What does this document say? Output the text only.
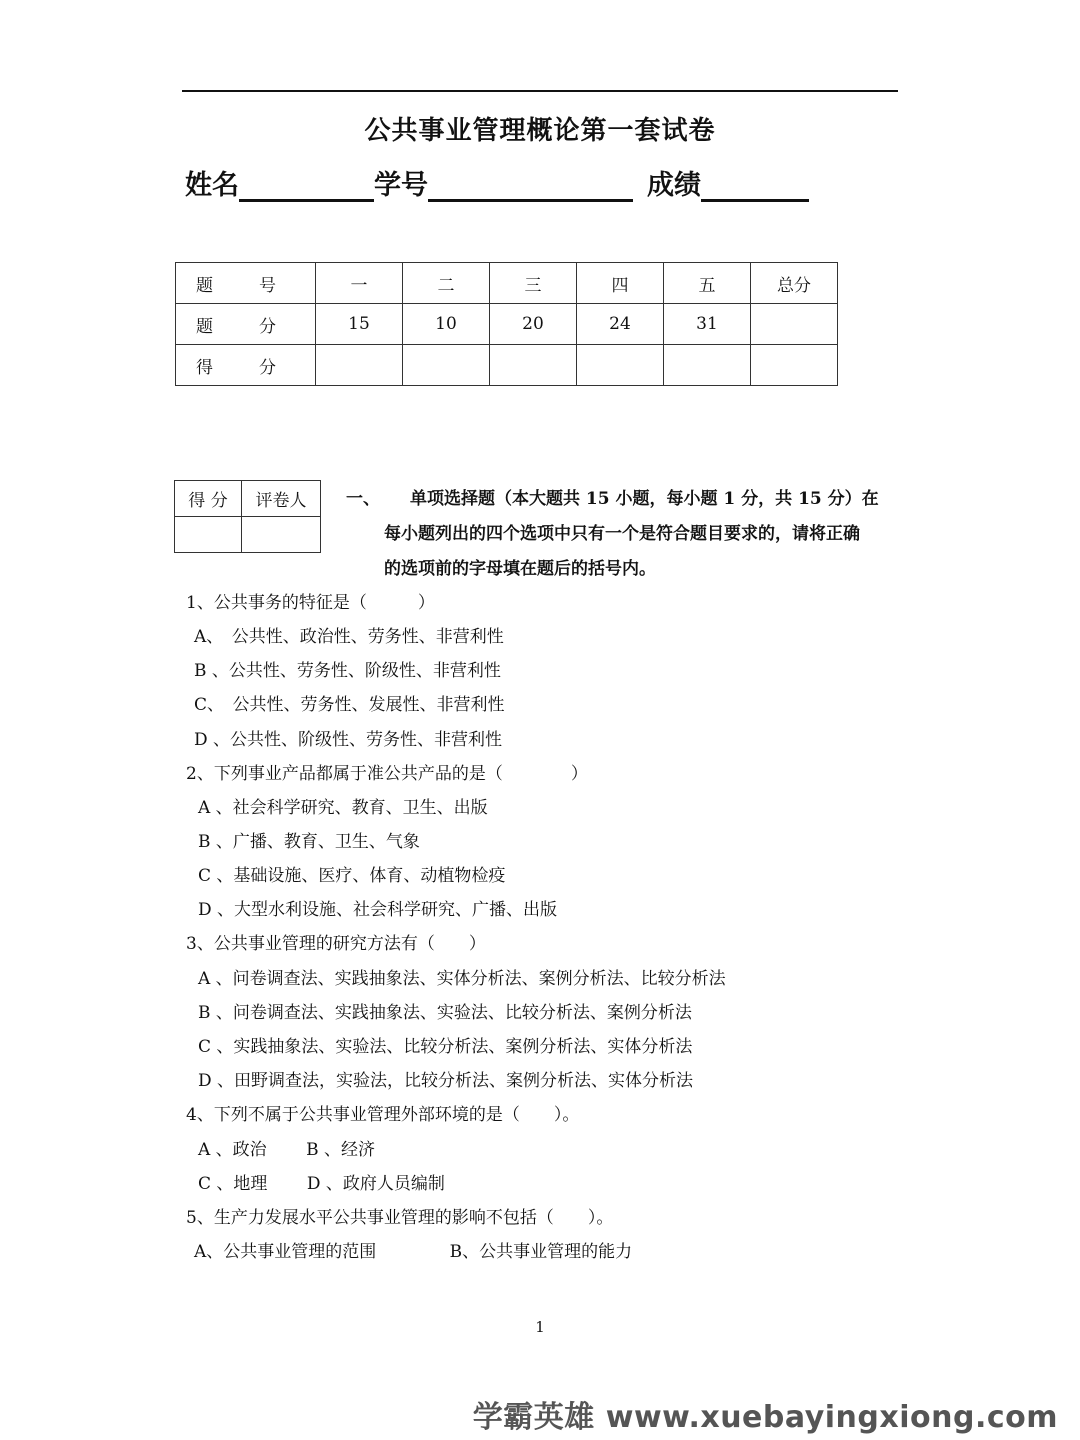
公共事业管理概论第一套试卷
姓名	学号	成绩
题号	一	二	三	四	五	总分
题分	15	10	20	24	31	
得分						
得 分	评卷人
	一、 单项选择题（本大题共 15 小题，每小题 1 分，共 15 分）在
每小题列出的四个选项中只有一个是符合题目要求的，请将正确
的选项前的字母填在题后的括号内。
1、公共事务的特征是（　　　）
A、　公共性、政治性、劳务性、非营利性
B 、公共性、劳务性、阶级性、非营利性
C、　公共性、劳务性、发展性、非营利性
D 、公共性、阶级性、劳务性、非营利性
2、下列事业产品都属于准公共产品的是（　　　　）
A 、社会科学研究、教育、卫生、出版
B 、广播、教育、卫生、气象
C 、基础设施、医疗、体育、动植物检疫
D 、大型水利设施、社会科学研究、广播、出版
3、公共事业管理的研究方法有（　　）
A 、问卷调查法、实践抽象法、实体分析法、案例分析法、比较分析法
B 、问卷调查法、实践抽象法、实验法、比较分析法、案例分析法
C 、实践抽象法、实验法、比较分析法、案例分析法、实体分析法
D 、田野调查法，实验法，比较分析法、案例分析法、实体分析法
4、下列不属于公共事业管理外部环境的是（　　）。
A 、政治　　 B 、经济
C 、地理　　 D 、政府人员编制
5、生产力发展水平公共事业管理的影响不包括（　　）。
A、公共事业管理的范围　　　　 B、公共事业管理的能力
1
学霸英雄 www.xuebayingxiong.com
